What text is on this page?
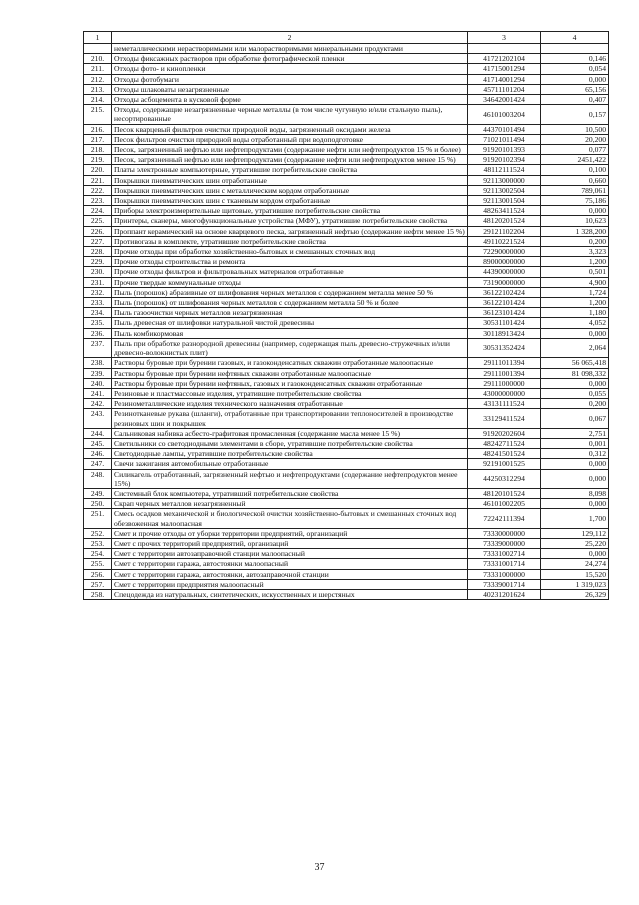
1	2	3	4
	неметаллическими нерастворимыми или малорастворимыми минеральными продуктами		
210.	Отходы фиксажных растворов при обработке фотографической пленки	41721202104	0,146
211.	Отходы фото- и кинопленки	41715001294	0,054
212.	Отходы фотобумаги	41714001294	0,000
213.	Отходы шлаковаты незагрязненные	45711101204	65,156
214.	Отходы асбоцемента в кусковой форме	34642001424	0,407
215.	Отходы, содержащие незагрязненные черные металлы (в том числе чугунную и/или стальную пыль), несортированные	46101003204	0,157
216.	Песок кварцевый фильтров очистки природной воды, загрязненный оксидами железа	44370101494	10,500
217.	Песок фильтров очистки природной воды отработанный при водоподготовке	71021011494	20,200
218.	Песок, загрязненный нефтью или нефтепродуктами (содержание нефти или нефтепродуктов 15 % и более)	91920101393	0,077
219.	Песок, загрязненный нефтью или нефтепродуктами (содержание нефти или нефтепродуктов менее 15 %)	91920102394	2451,422
220.	Платы электронные компьютерные, утратившие потребительские свойства	48112111524	0,100
221.	Покрышки пневматических шин отработанные	92113000000	0,660
222.	Покрышки пневматических шин с металлическим кордом отработанные	92113002504	789,061
223.	Покрышки пневматических шин с тканевым кордом отработанные	92113001504	75,186
224.	Приборы электроизмерительные щитовые, утратившие потребительские свойства	48263411524	0,000
225.	Принтеры, сканеры, многофункциональные устройства (МФУ), утратившие потребительские свойства	48120201524	10,623
226.	Проппант керамический на основе кварцевого песка, загрязненный нефтью (содержание нефти менее 15 %)	29121102204	1 328,200
227.	Противогазы в комплекте, утратившие потребительские свойства	49110221524	0,200
228.	Прочие отходы при обработке хозяйственно-бытовых и смешанных сточных вод	72290000000	3,323
229.	Прочие отходы строительства и ремонта	89000000000	1,200
230.	Прочие отходы фильтров и фильтровальных материалов отработанные	44390000000	0,501
231.	Прочие твердые коммунальные отходы	73190000000	4,900
232.	Пыль (порошок) абразивные от шлифования черных металлов с содержанием металла менее 50 %	36122102424	1,724
233.	Пыль (порошок) от шлифования черных металлов с содержанием металла 50 % и более	36122101424	1,200
234.	Пыль газоочистки черных металлов незагрязненная	36123101424	1,180
235.	Пыль древесная от шлифовки натуральной чистой древесины	30531101424	4,052
236.	Пыль комбикормовая	30118913424	0,000
237.	Пыль при обработке разнородной древесины (например, содержащая пыль древесно-стружечных и/или древесно-волокнистых плит)	30531352424	2,064
238.	Растворы буровые при бурении газовых, и газоконденсатных скважин отработанные малоопасные	29111011394	56 065,418
239.	Растворы буровые при бурении нефтяных скважин отработанные малоопасные	29111001394	81 098,332
240.	Растворы буровые при бурении нефтяных, газовых и газоконденсатных скважин отработанные	29111000000	0,000
241.	Резиновые и пластмассовые изделия, утратившие потребительские свойства	43000000000	0,055
242.	Резинометаллические изделия технического назначения отработанные	43131111524	0,200
243.	Резинотканевые рукава (шланги), отработанные при транспортировании теплоносителей в производстве резиновых шин и покрышек	33129411524	0,067
244.	Сальниковая набивка асбесто-графитовая промасленная (содержание масла менее 15 %)	91920202604	2,751
245.	Светильники со светодиодными элементами в сборе, утратившие потребительские свойства	48242711524	0,001
246.	Светодиодные лампы, утратившие потребительские свойства	48241501524	0,312
247.	Свечи зажигания автомобильные отработанные	92191001525	0,000
248.	Силикагель отработанный, загрязненный нефтью и нефтепродуктами (содержание нефтепродуктов менее 15%)	44250312294	0,000
249.	Системный блок компьютера, утративший потребительские свойства	48120101524	8,098
250.	Скрап черных металлов незагрязненный	46101002205	0,000
251.	Смесь осадков механической и биологической очистки хозяйственно-бытовых и смешанных сточных вод обезвоженная малоопасная	72242111394	1,700
252.	Смет и прочие отходы от уборки территории предприятий, организаций	73330000000	129,112
253.	Смет с прочих территорий предприятий, организаций	73339000000	25,220
254.	Смет с территории автозаправочной станции малоопасный	73331002714	0,000
255.	Смет с территории гаража, автостоянки малоопасный	73331001714	24,274
256.	Смет с территории гаража, автостоянки, автозаправочной станции	73331000000	15,520
257.	Смет с территории предприятия малоопасный	73339001714	1 319,023
258.	Спецодежда из натуральных, синтетических, искусственных и шерстяных	40231201624	26,329
37
